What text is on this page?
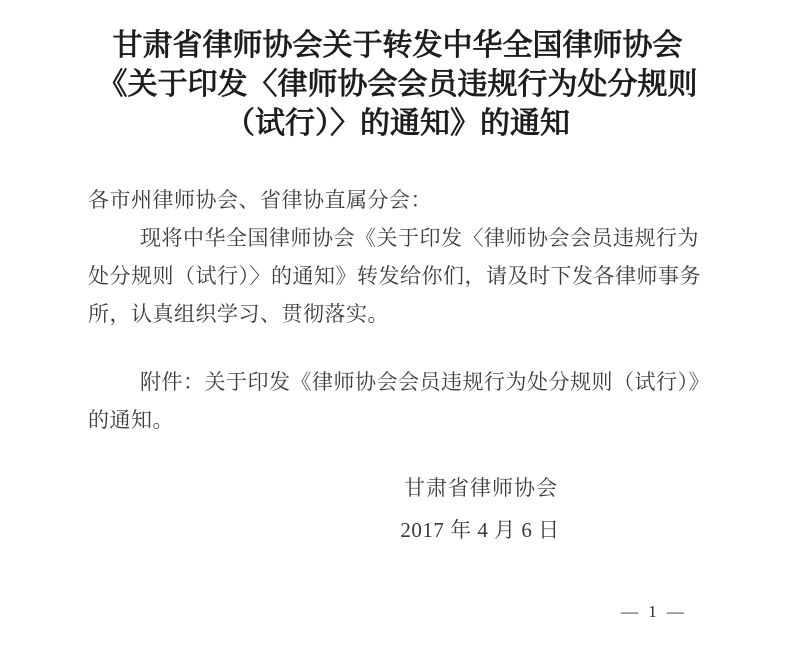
甘肃省律师协会关于转发中华全国律师协会
《关于印发〈律师协会会员违规行为处分规则
（试行）〉的通知》的通知
各市州律师协会、省律协直属分会：
现将中华全国律师协会《关于印发〈律师协会会员违规行为
处分规则（试行）〉的通知》转发给你们，请及时下发各律师事务
所，认真组织学习、贯彻落实。
附件：关于印发《律师协会会员违规行为处分规则（试行）》
的通知。
甘肃省律师协会
2017 年 4 月 6 日
— 1 —
